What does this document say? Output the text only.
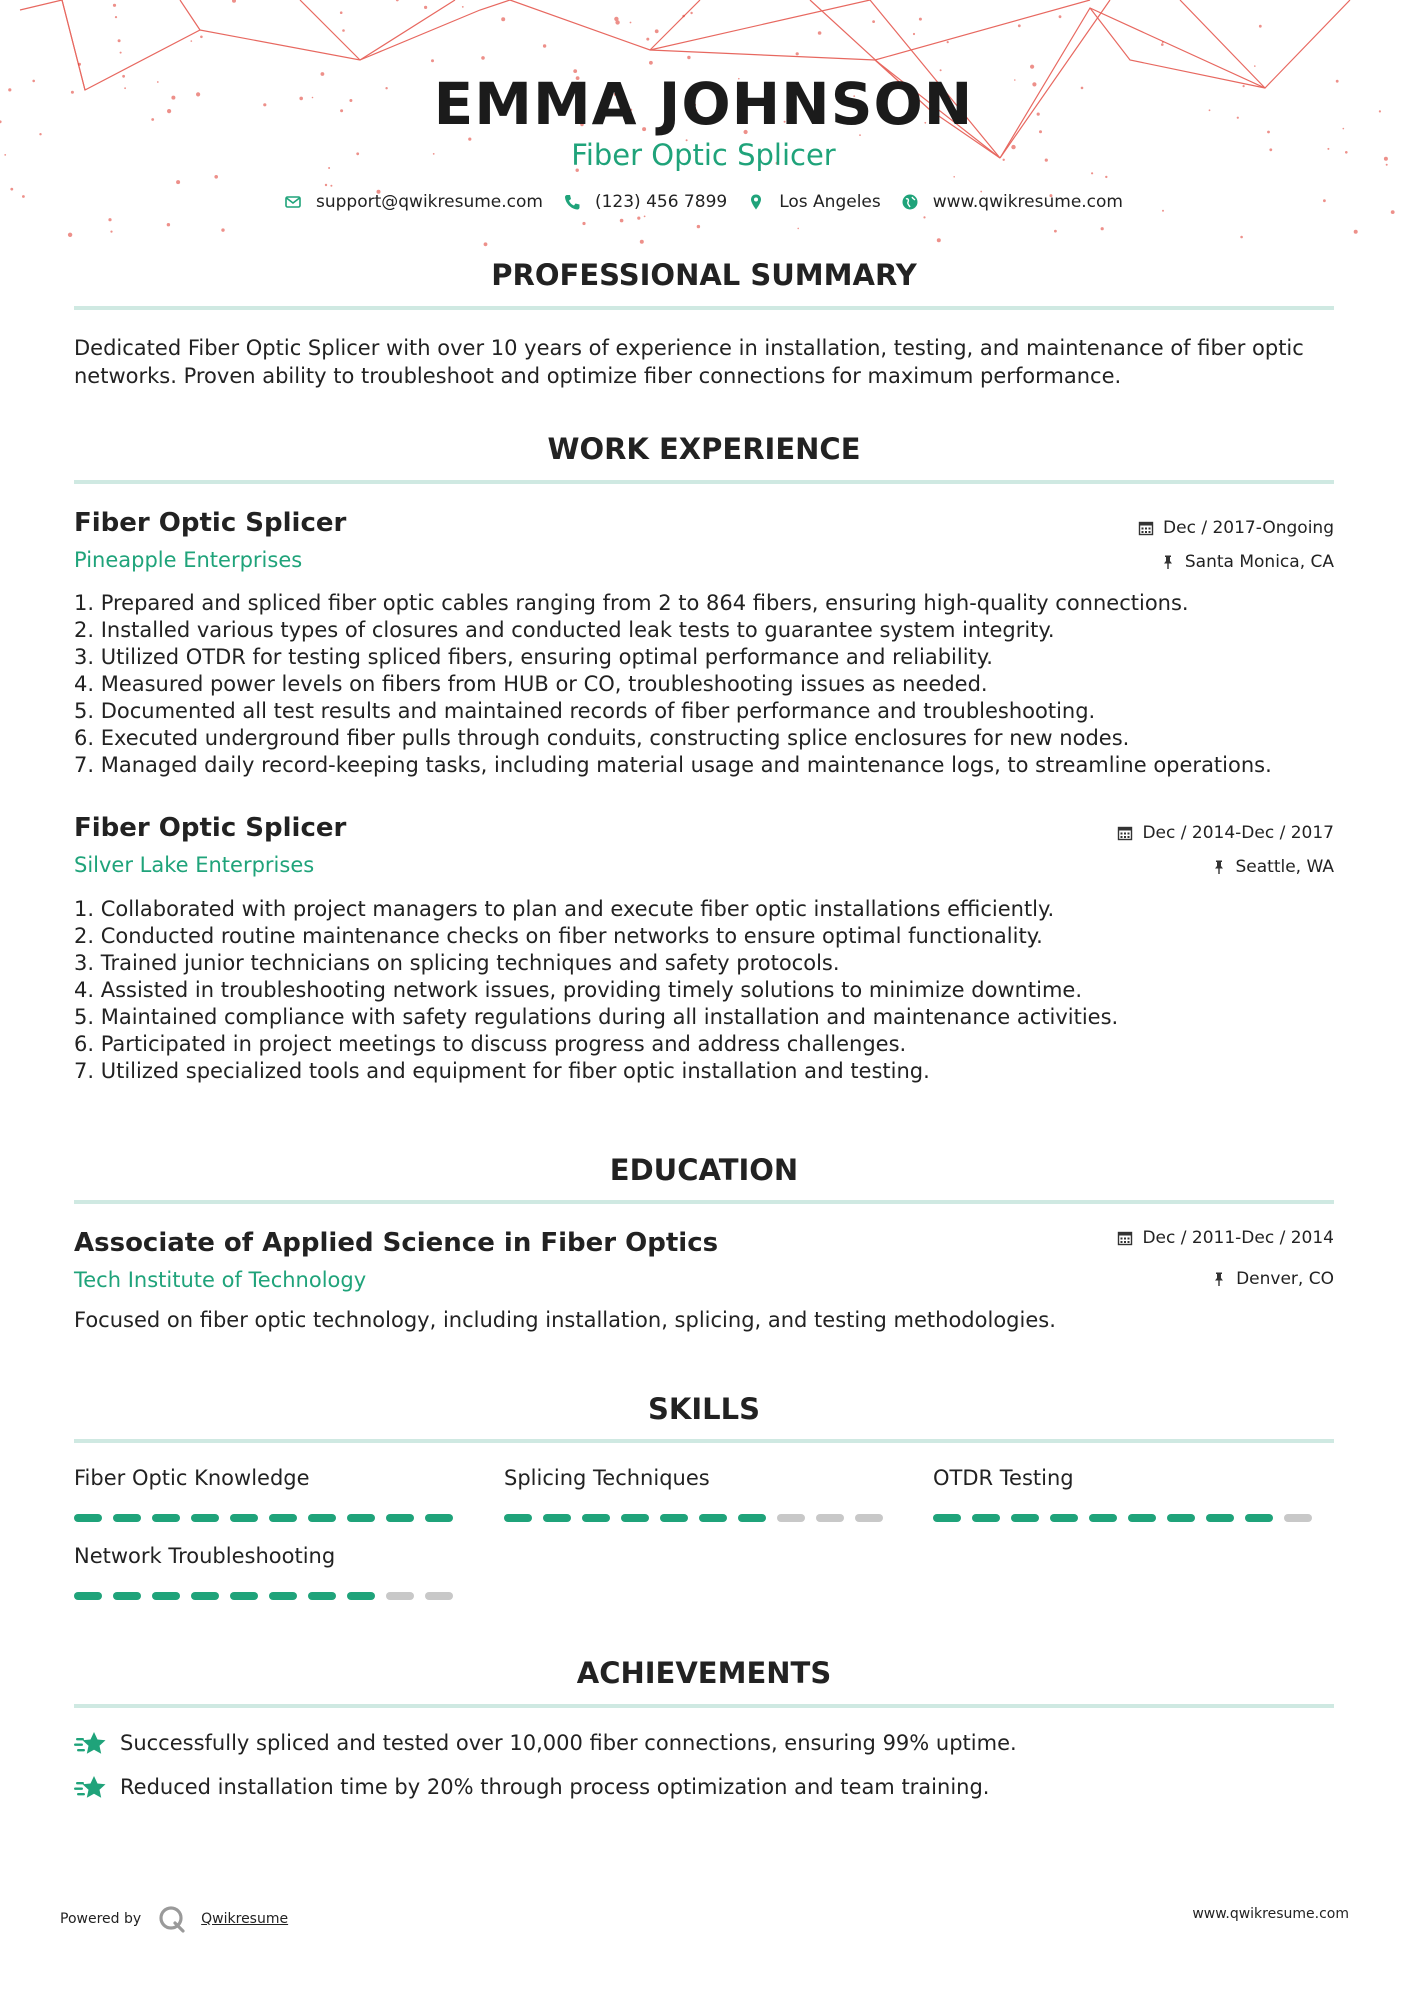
EMMA JOHNSON
Fiber Optic Splicer
support@qwikresume.com	(123) 456 7899	Los Angeles	www.qwikresume.com
PROFESSIONAL SUMMARY
Dedicated Fiber Optic Splicer with over 10 years of experience in installation, testing, and maintenance of fiber optic networks. Proven ability to troubleshoot and optimize fiber connections for maximum performance.
WORK EXPERIENCE
Fiber Optic Splicer
Pineapple Enterprises
Dec / 2017-Ongoing
Santa Monica, CA
1. Prepared and spliced fiber optic cables ranging from 2 to 864 fibers, ensuring high-quality connections.
2. Installed various types of closures and conducted leak tests to guarantee system integrity.
3. Utilized OTDR for testing spliced fibers, ensuring optimal performance and reliability.
4. Measured power levels on fibers from HUB or CO, troubleshooting issues as needed.
5. Documented all test results and maintained records of fiber performance and troubleshooting.
6. Executed underground fiber pulls through conduits, constructing splice enclosures for new nodes.
7. Managed daily record-keeping tasks, including material usage and maintenance logs, to streamline operations.
Fiber Optic Splicer
Silver Lake Enterprises
Dec / 2014-Dec / 2017
Seattle, WA
1. Collaborated with project managers to plan and execute fiber optic installations efficiently.
2. Conducted routine maintenance checks on fiber networks to ensure optimal functionality.
3. Trained junior technicians on splicing techniques and safety protocols.
4. Assisted in troubleshooting network issues, providing timely solutions to minimize downtime.
5. Maintained compliance with safety regulations during all installation and maintenance activities.
6. Participated in project meetings to discuss progress and address challenges.
7. Utilized specialized tools and equipment for fiber optic installation and testing.
EDUCATION
Associate of Applied Science in Fiber Optics
Tech Institute of Technology
Dec / 2011-Dec / 2014
Denver, CO
Focused on fiber optic technology, including installation, splicing, and testing methodologies.
SKILLS
Fiber Optic Knowledge	Splicing Techniques	OTDR Testing
Network Troubleshooting
ACHIEVEMENTS
Successfully spliced and tested over 10,000 fiber connections, ensuring 99% uptime.
Reduced installation time by 20% through process optimization and team training.
Powered by	Qwikresume	www.qwikresume.com
